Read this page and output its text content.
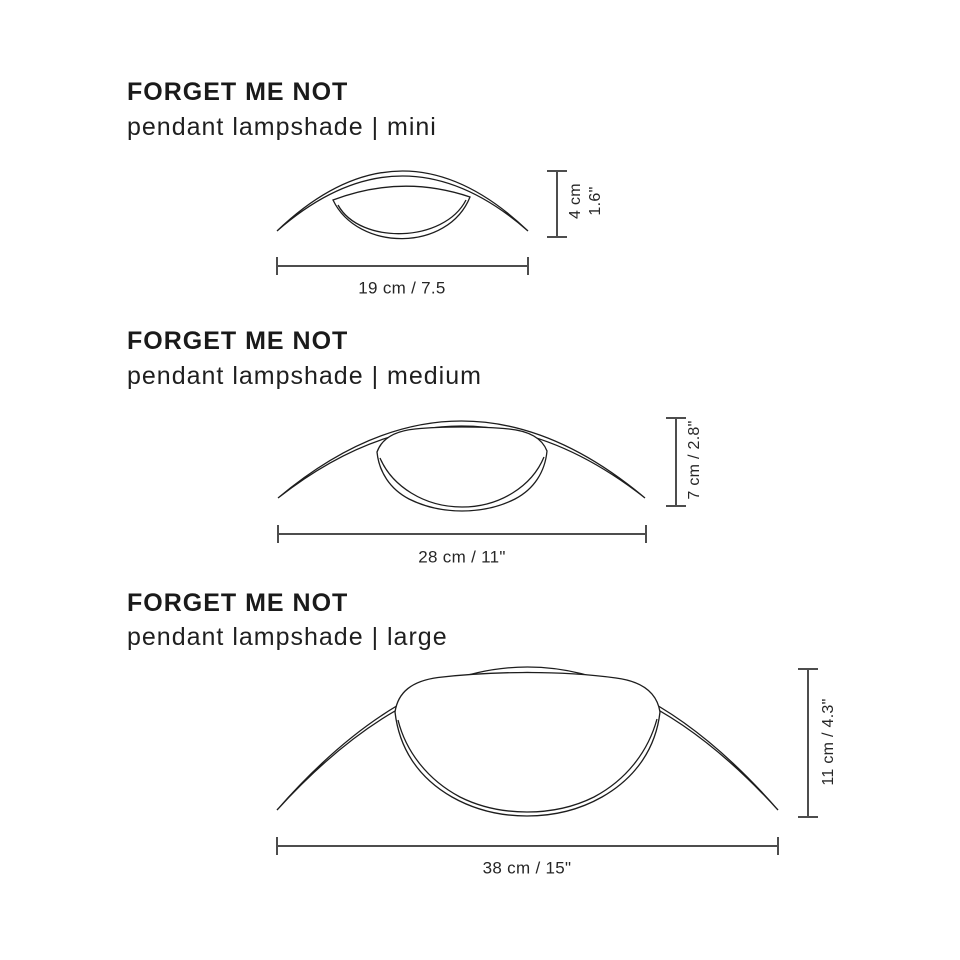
FORGET ME NOT
pendant lampshade | mini
4 cm 1.6"
19 cm / 7.5
FORGET ME NOT
pendant lampshade | medium
7 cm / 2.8"
28 cm / 11"
FORGET ME NOT
pendant lampshade | large
11 cm / 4.3"
38 cm / 15"
